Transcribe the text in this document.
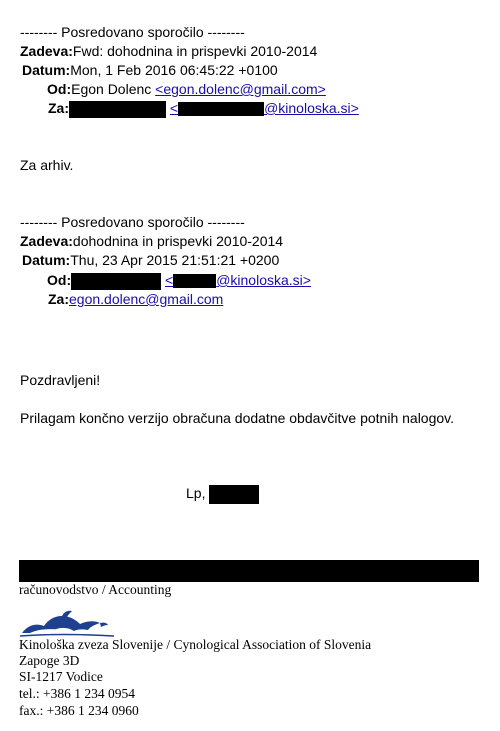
-------- Posredovano sporočilo --------
Zadeva:Fwd: dohodnina in prispevki 2010-2014
Datum:Mon, 1 Feb 2016 06:45:22 +0100
Od:Egon Dolenc <egon.dolenc@gmail.com>
Za:	<	@kinoloska.si>
Za arhiv.
-------- Posredovano sporočilo --------
Zadeva:dohodnina in prispevki 2010-2014
Datum:Thu, 23 Apr 2015 21:51:21 +0200
Od:	<	@kinoloska.si>
Za:egon.dolenc@gmail.com
Pozdravljeni!
Prilagam končno verzijo obračuna dodatne obdavčitve potnih nalogov.
Lp,
računovodstvo / Accounting
Kinološka zveza Slovenije / Cynological Association of Slovenia
Zapoge 3D
SI-1217 Vodice
tel.: +386 1 234 0954
fax.: +386 1 234 0960
